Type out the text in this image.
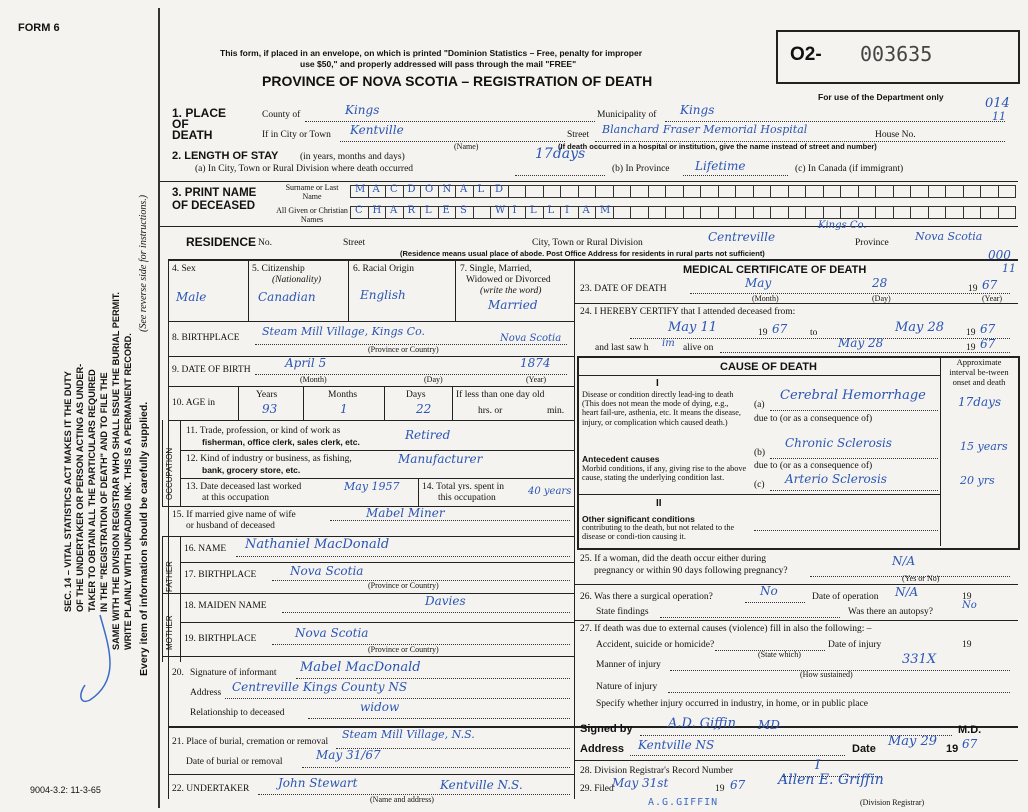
FORM 6
SEC. 14 – VITAL STATISTICS ACT MAKES IT THE DUTY OF THE UNDERTAKER OR PERSON ACTING AS UNDER- TAKER TO OBTAIN ALL THE PARTICULARS REQUIRED IN THE "REGISTRATION OF DEATH" AND TO FILE THE SAME WITH THE DIVISION REGISTRAR WHO SHALL ISSUE THE BURIAL PERMIT. WRITE PLAINLY WITH UNFADING INK. THIS IS A PERMANENT RECORD.
(See reverse side for instructions.)
Every item of information should be carefully supplied.
9004-3.2: 11-3-65
This form, if placed in an envelope, on which is printed "Dominion Statistics – Free, penalty for improper
use $50," and properly addressed will pass through the mail "FREE"
PROVINCE OF NOVA SCOTIA – REGISTRATION OF DEATH
O2- 003635
For use of the Department only	014
11
1. PLACE OF DEATH
County of	Kings	Municipality of Kings
If in City or Town Kentville
(Name)
Street Blanchard Fraser Memorial Hospital	House No.
(If death occurred in a hospital or institution, give the name instead of street and number)
2. LENGTH OF STAY (in years, months and days)
(a) In City, Town or Rural Division where death occurred
17days
(b) In Province Lifetime	(c) In Canada (if immigrant)
3. PRINT NAME OF DECEASED
Surname or Last Name
All Given or Christian Names
M A C D O N A L D
C H A R L E S	W I L L I A M
RESIDENCE No.	Street	City, Town or Rural Division	Centreville
Kings Co.
Province Nova Scotia
(Residence means usual place of abode. Post Office Address for residents in rural parts not sufficient)	000
11
4. Sex
Male
5. Citizenship
(Nationality)
Canadian
6. Racial Origin
English
7. Single, Married,
Widowed or Divorced
(write the word)
Married
8. BIRTHPLACE Steam Mill Village, Kings Co.
Nova Scotia
(Province or Country)
9. DATE OF BIRTH	April 5	1874
(Month)	(Day)	(Year)
10. AGE in
Years	Months	Days
93	1	22
If less than one day old
hrs. or	min.
OCCUPATION
11. Trade, profession, or kind of work as
fisherman, office clerk, sales clerk, etc.	Retired
12. Kind of industry or business, as fishing,
bank, grocery store, etc.
Manufacturer
13. Date deceased last worked
at this occupation
May 1957 14. Total yrs. spent in
this occupation
40 years
15. If married give name of wife
or husband of deceased
Mabel Miner
FATHER
16. NAME Nathaniel MacDonald
17. BIRTHPLACE	Nova Scotia
(Province or Country)
MOTHER
18. MAIDEN NAME	Davies
19. BIRTHPLACE	Nova Scotia
(Province or Country)
20. Signature of informant Mabel MacDonald
Address Centreville Kings County NS
Relationship to deceased	widow
21. Place of burial, cremation or removal
Steam Mill Village, N.S.
Date of burial or removal	May 31/67
22. UNDERTAKER John Stewart	Kentville N.S.
(Name and address)
MEDICAL CERTIFICATE OF DEATH
23. DATE OF DEATH	May	28	19 67
(Month)	(Day)	(Year)
24. I HEREBY CERTIFY that I attended deceased from:
May 11	19 67 to	May 28 19 67
and last saw h im alive on	May 28	19 67
CAUSE OF DEATH	Approximate interval be-tween onset and death
I
Disease or condition directly lead-ing to death (This does not mean the mode of dying, e.g., heart fail-ure, asthenia, etc. It means the disease, injury, or complication which caused death.)
(a)
Cerebral Hemorrhage	17days
due to (or as a consequence of)
Antecedent causes
Morbid conditions, if any, giving rise to the above cause, stating the underlying condition last.
(b)
Chronic Sclerosis	15 years
due to (or as a consequence of)
(c) Arterio Sclerosis	20 yrs
II
Other significant conditions
contributing to the death, but not related to the disease or condi-tion causing it.
25. If a woman, did the death occur either during
pregnancy or within 90 days following pregnancy?
N/A
(Yes or No)
26. Was there a surgical operation?	No	Date of operation N/A	19
State findings	Was there an autopsy?
No
27. If death was due to external causes (violence) fill in also the following: –
Accident, suicide or homicide?
(State which)
Date of injury	19
Manner of injury	331X
(How sustained)
Nature of injury
Specify whether injury occurred in industry, in home, or in public place
Signed by	A.D. Giffin MD	M.D.
Address Kentville NS	Date May 29 19 67
28. Division Registrar's Record Number	I
29. Filed
May 31st	19 67 Allen E. Griffin
A.G.GIFFIN	(Division Registrar)
